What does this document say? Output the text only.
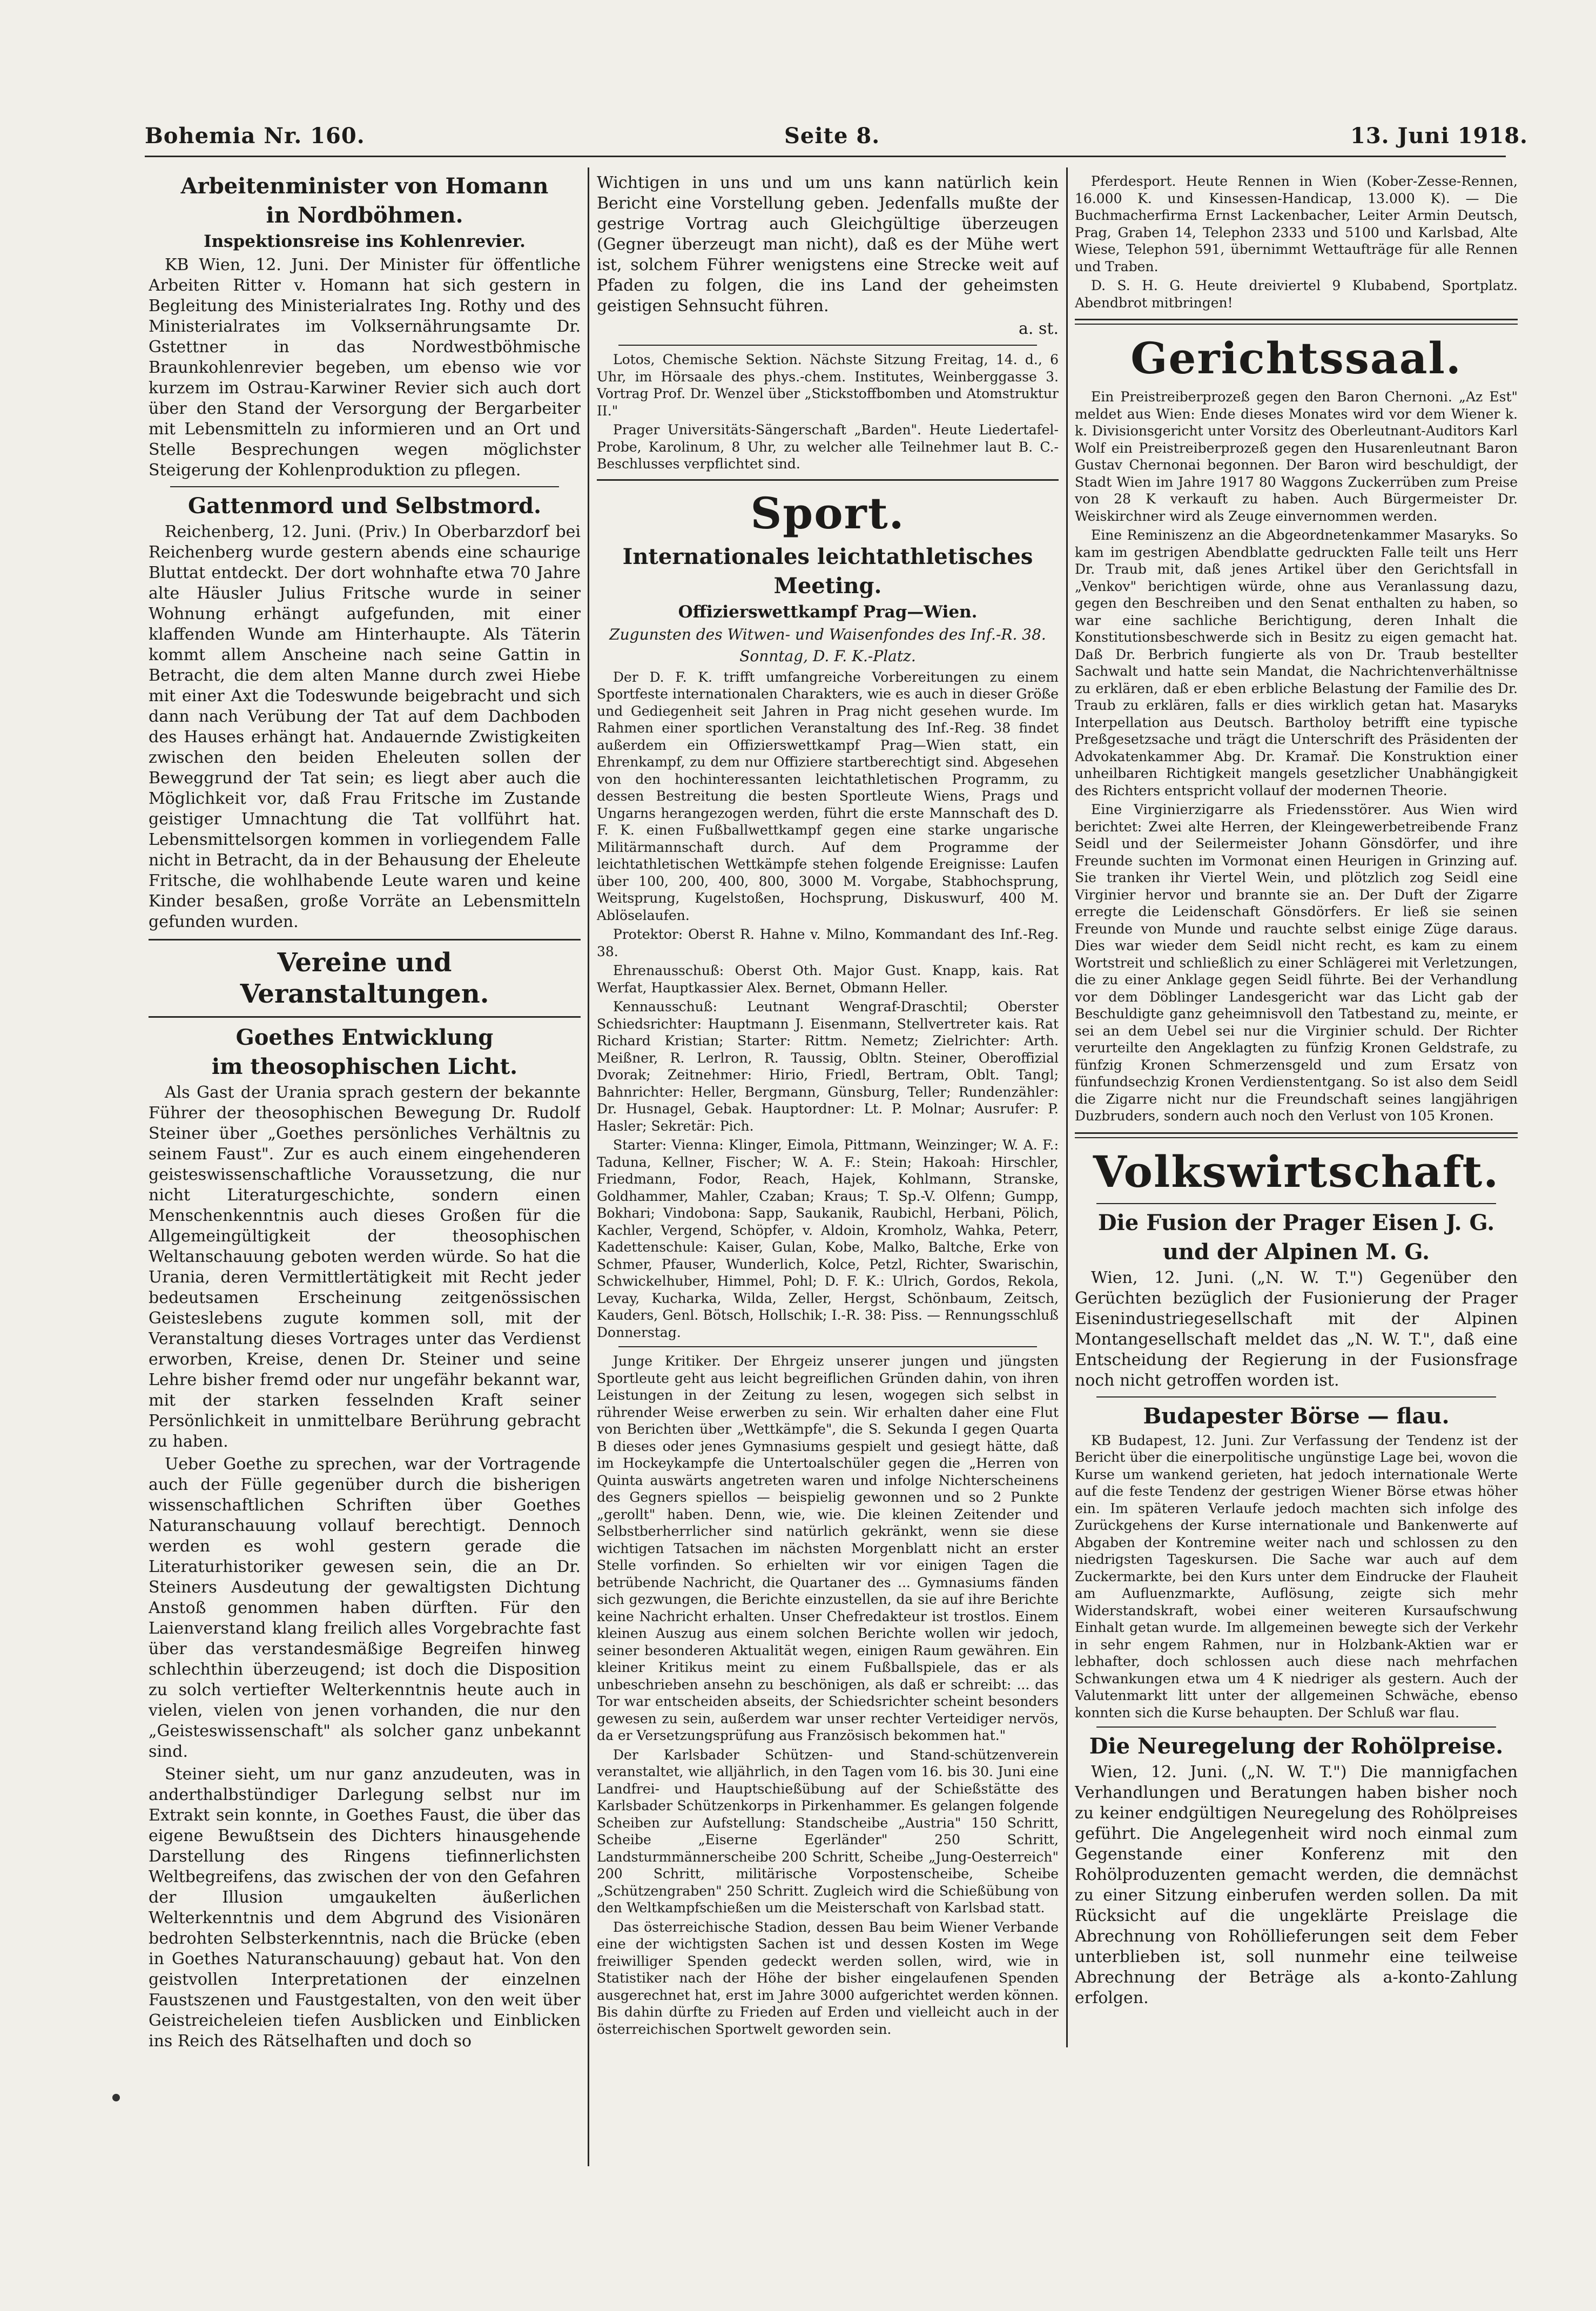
Bohemia Nr. 160.	Seite 8.	13. Juni 1918.
Arbeitenminister von Homann
in Nordböhmen.
Inspektionsreise ins Kohlenrevier.

KB Wien, 12. Juni. Der Minister für öffentliche Arbeiten Ritter v. Homann hat sich gestern in Begleitung des Ministerialrates Ing. Rothy und des Ministerialrates im Volksernährungsamte Dr. Gstettner in das Nordwestböhmische Braunkohlenrevier begeben, um ebenso wie vor kurzem im Ostrau-Karwiner Revier sich auch dort über den Stand der Versorgung der Bergarbeiter mit Lebensmitteln zu informieren und an Ort und Stelle Besprechungen wegen möglichster Steigerung der Kohlenproduktion zu pflegen.

Gattenmord und Selbstmord.

Reichenberg, 12. Juni. (Priv.) In Oberbarzdorf bei Reichenberg wurde gestern abends eine schaurige Bluttat entdeckt. Der dort wohnhafte etwa 70 Jahre alte Häusler Julius Fritsche wurde in seiner Wohnung erhängt aufgefunden, mit einer klaffenden Wunde am Hinterhaupte. Als Täterin kommt allem Anscheine nach seine Gattin in Betracht, die dem alten Manne durch zwei Hiebe mit einer Axt die Todeswunde beigebracht und sich dann nach Verübung der Tat auf dem Dachboden des Hauses erhängt hat. Andauernde Zwistigkeiten zwischen den beiden Eheleuten sollen der Beweggrund der Tat sein; es liegt aber auch die Möglichkeit vor, daß Frau Fritsche im Zustande geistiger Umnachtung die Tat vollführt hat. Lebensmittelsorgen kommen in vorliegendem Falle nicht in Betracht, da in der Behausung der Eheleute Fritsche, die wohlhabende Leute waren und keine Kinder besaßen, große Vorräte an Lebensmitteln gefunden wurden.

Vereine und Veranstaltungen.
Goethes Entwicklung
im theosophischen Licht.

Als Gast der Urania sprach gestern der bekannte Führer der theosophischen Bewegung Dr. Rudolf Steiner über „Goethes persönliches Verhältnis zu seinem Faust". Zur es auch einem eingehenderen geisteswissenschaftliche Voraussetzung, die nur nicht Literaturgeschichte, sondern einen Menschenkenntnis auch dieses Großen für die Allgemeingültigkeit der theosophischen Weltanschauung geboten werden würde. So hat die Urania, deren Vermittlertätigkeit mit Recht jeder bedeutsamen Erscheinung zeitgenössischen Geisteslebens zugute kommen soll, mit der Veranstaltung dieses Vortrages unter das Verdienst erworben, Kreise, denen Dr. Steiner und seine Lehre bisher fremd oder nur ungefähr bekannt war, mit der starken fesselnden Kraft seiner Persönlichkeit in unmittelbare Berührung gebracht zu haben.

Ueber Goethe zu sprechen, war der Vortragende auch der Fülle gegenüber durch die bisherigen wissenschaftlichen Schriften über Goethes Naturanschauung vollauf berechtigt. Dennoch werden es wohl gestern gerade die Literaturhistoriker gewesen sein, die an Dr. Steiners Ausdeutung der gewaltigsten Dichtung Anstoß genommen haben dürften. Für den Laienverstand klang freilich alles Vorgebrachte fast über das verstandesmäßige Begreifen hinweg schlechthin überzeugend; ist doch die Disposition zu solch vertiefter Welterkenntnis heute auch in vielen, vielen von jenen vorhanden, die nur den „Geisteswissenschaft" als solcher ganz unbekannt sind.

Steiner sieht, um nur ganz anzudeuten, was in anderthalbstündiger Darlegung selbst nur im Extrakt sein konnte, in Goethes Faust, die über das eigene Bewußtsein des Dichters hinausgehende Darstellung des Ringens tiefinnerlichsten Weltbegreifens, das zwischen der von den Gefahren der Illusion umgaukelten äußerlichen Welterkenntnis und dem Abgrund des Visionären bedrohten Selbsterkenntnis, nach die Brücke (eben in Goethes Naturanschauung) gebaut hat. Von den geistvollen Interpretationen der einzelnen Faustszenen und Faustgestalten, von den weit über Geistreicheleien tiefen Ausblicken und Einblicken ins Reich des Rätselhaften und doch so

Wichtigen in uns und um uns kann natürlich kein Bericht eine Vorstellung geben. Jedenfalls mußte der gestrige Vortrag auch Gleichgültige überzeugen (Gegner überzeugt man nicht), daß es der Mühe wert ist, solchem Führer wenigstens eine Strecke weit auf Pfaden zu folgen, die ins Land der geheimsten geistigen Sehnsucht führen.

a. st.

Lotos, Chemische Sektion. Nächste Sitzung Freitag, 14. d., 6 Uhr, im Hörsaale des phys.-chem. Institutes, Weinberggasse 3. Vortrag Prof. Dr. Wenzel über „Stickstoffbomben und Atomstruktur II."

Prager Universitäts-Sängerschaft „Barden". Heute Liedertafel-Probe, Karolinum, 8 Uhr, zu welcher alle Teilnehmer laut B. C.-Beschlusses verpflichtet sind.

Sport.
Internationales leichtathletisches
Meeting.
Offizierswettkampf Prag—Wien.
Zugunsten des Witwen- und Waisenfondes des Inf.-R. 38.
Sonntag, D. F. K.-Platz.

Der D. F. K. trifft umfangreiche Vorbereitungen zu einem Sportfeste internationalen Charakters, wie es auch in dieser Größe und Gediegenheit seit Jahren in Prag nicht gesehen wurde. Im Rahmen einer sportlichen Veranstaltung des Inf.-Reg. 38 findet außerdem ein Offizierswettkampf Prag—Wien statt, ein Ehrenkampf, zu dem nur Offiziere startberechtigt sind. Abgesehen von den hochinteressanten leichtathletischen Programm, zu dessen Bestreitung die besten Sportleute Wiens, Prags und Ungarns herangezogen werden, führt die erste Mannschaft des D. F. K. einen Fußballwettkampf gegen eine starke ungarische Militärmannschaft durch. Auf dem Programme der leichtathletischen Wettkämpfe stehen folgende Ereignisse: Laufen über 100, 200, 400, 800, 3000 M. Vorgabe, Stabhochsprung, Weitsprung, Kugelstoßen, Hochsprung, Diskuswurf, 400 M. Ablöselaufen.

Protektor: Oberst R. Hahne v. Milno, Kommandant des Inf.-Reg. 38.

Ehrenausschuß: Oberst Oth. Major Gust. Knapp, kais. Rat Werfat, Hauptkassier Alex. Bernet, Obmann Heller.

Kennausschuß: Leutnant Wengraf-Draschtil; Oberster Schiedsrichter: Hauptmann J. Eisenmann, Stellvertreter kais. Rat Richard Kristian; Starter: Rittm. Nemetz; Zielrichter: Arth. Meißner, R. Lerlron, R. Taussig, Obltn. Steiner, Oberoffizial Dvorak; Zeitnehmer: Hirio, Friedl, Bertram, Oblt. Tangl; Bahnrichter: Heller, Bergmann, Günsburg, Teller; Rundenzähler: Dr. Husnagel, Gebak. Hauptordner: Lt. P. Molnar; Ausrufer: P. Hasler; Sekretär: Pich.

Starter: Vienna: Klinger, Eimola, Pittmann, Weinzinger; W. A. F.: Taduna, Kellner, Fischer; W. A. F.: Stein; Hakoah: Hirschler, Friedmann, Fodor, Reach, Hajek, Kohlmann, Stranske, Goldhammer, Mahler, Czaban; Kraus; T. Sp.-V. Olfenn; Gumpp, Bokhari; Vindobona: Sapp, Saukanik, Raubichl, Herbani, Pölich, Kachler, Vergend, Schöpfer, v. Aldoin, Kromholz, Wahka, Peterr, Kadettenschule: Kaiser, Gulan, Kobe, Malko, Baltche, Erke von Schmer, Pfauser, Wunderlich, Kolce, Petzl, Richter, Swarischin, Schwickelhuber, Himmel, Pohl; D. F. K.: Ulrich, Gordos, Rekola, Levay, Kucharka, Wilda, Zeller, Hergst, Schönbaum, Zeitsch, Kauders, Genl. Bötsch, Hollschik; I.-R. 38: Piss. — Rennungsschluß Donnerstag.

Junge Kritiker. Der Ehrgeiz unserer jungen und jüngsten Sportleute geht aus leicht begreiflichen Gründen dahin, von ihren Leistungen in der Zeitung zu lesen, wogegen sich selbst in rührender Weise erwerben zu sein. Wir erhalten daher eine Flut von Berichten über „Wettkämpfe", die S. Sekunda I gegen Quarta B dieses oder jenes Gymnasiums gespielt und gesiegt hätte, daß im Hockeykampfe die Untertoalschüler gegen die „Herren von Quinta auswärts angetreten waren und infolge Nichterscheinens des Gegners spiellos — beispielig gewonnen und so 2 Punkte „gerollt" haben. Denn, wie, wie. Die kleinen Zeitender und Selbstberherrlicher sind natürlich gekränkt, wenn sie diese wichtigen Tatsachen im nächsten Morgenblatt nicht an erster Stelle vorfinden. So erhielten wir vor einigen Tagen die betrübende Nachricht, die Quartaner des ... Gymnasiums fänden sich gezwungen, die Berichte einzustellen, da sie auf ihre Berichte keine Nachricht erhalten. Unser Chefredakteur ist trostlos. Einem kleinen Auszug aus einem solchen Berichte wollen wir jedoch, seiner besonderen Aktualität wegen, einigen Raum gewähren. Ein kleiner Kritikus meint zu einem Fußballspiele, das er als unbeschrieben ansehn zu beschönigen, als daß er schreibt: ... das Tor war entscheiden abseits, der Schiedsrichter scheint besonders gewesen zu sein, außerdem war unser rechter Verteidiger nervös, da er Versetzungsprüfung aus Französisch bekommen hat."

Der Karlsbader Schützen- und Stand-schützenverein veranstaltet, wie alljährlich, in den Tagen vom 16. bis 30. Juni eine Landfrei- und Hauptschießübung auf der Schießstätte des Karlsbader Schützenkorps in Pirkenhammer. Es gelangen folgende Scheiben zur Aufstellung: Standscheibe „Austria" 150 Schritt, Scheibe „Eiserne Egerländer" 250 Schritt, Landsturmmännerscheibe 200 Schritt, Scheibe „Jung-Oesterreich" 200 Schritt, militärische Vorpostenscheibe, Scheibe „Schützengraben" 250 Schritt. Zugleich wird die Schießübung von den Weltkampfschießen um die Meisterschaft von Karlsbad statt.

Das österreichische Stadion, dessen Bau beim Wiener Verbande eine der wichtigsten Sachen ist und dessen Kosten im Wege freiwilliger Spenden gedeckt werden sollen, wird, wie in Statistiker nach der Höhe der bisher eingelaufenen Spenden ausgerechnet hat, erst im Jahre 3000 aufgerichtet werden können. Bis dahin dürfte zu Frieden auf Erden und vielleicht auch in der österreichischen Sportwelt geworden sein.

Pferdesport. Heute Rennen in Wien (Kober-Zesse-Rennen, 16.000 K. und Kinsessen-Handicap, 13.000 K). — Die Buchmacherfirma Ernst Lackenbacher, Leiter Armin Deutsch, Prag, Graben 14, Telephon 2333 und 5100 und Karlsbad, Alte Wiese, Telephon 591, übernimmt Wettaufträge für alle Rennen und Traben.

D. S. H. G. Heute dreiviertel 9 Klubabend, Sportplatz. Abendbrot mitbringen!

Gerichtssaal.

Ein Preistreiberprozeß gegen den Baron Chernoni. „Az Est" meldet aus Wien: Ende dieses Monates wird vor dem Wiener k. k. Divisionsgericht unter Vorsitz des Oberleutnant-Auditors Karl Wolf ein Preistreiberprozeß gegen den Husarenleutnant Baron Gustav Chernonai begonnen. Der Baron wird beschuldigt, der Stadt Wien im Jahre 1917 80 Waggons Zuckerrüben zum Preise von 28 K verkauft zu haben. Auch Bürgermeister Dr. Weiskirchner wird als Zeuge einvernommen werden.

Eine Reminiszenz an die Abgeordnetenkammer Masaryks. So kam im gestrigen Abendblatte gedruckten Falle teilt uns Herr Dr. Traub mit, daß jenes Artikel über den Gerichtsfall in „Venkov" berichtigen würde, ohne aus Veranlassung dazu, gegen den Beschreiben und den Senat enthalten zu haben, so war eine sachliche Berichtigung, deren Inhalt die Konstitutionsbeschwerde sich in Besitz zu eigen gemacht hat. Daß Dr. Berbrich fungierte als von Dr. Traub bestellter Sachwalt und hatte sein Mandat, die Nachrichtenverhältnisse zu erklären, daß er eben erbliche Belastung der Familie des Dr. Traub zu erklären, falls er dies wirklich getan hat. Masaryks Interpellation aus Deutsch. Bartholoy betrifft eine typische Preßgesetzsache und trägt die Unterschrift des Präsidenten der Advokatenkammer Abg. Dr. Kramař. Die Konstruktion einer unheilbaren Richtigkeit mangels gesetzlicher Unabhängigkeit des Richters entspricht vollauf der modernen Theorie.

Eine Virginierzigarre als Friedensstörer. Aus Wien wird berichtet: Zwei alte Herren, der Kleingewerbetreibende Franz Seidl und der Seilermeister Johann Gönsdörfer, und ihre Freunde suchten im Vormonat einen Heurigen in Grinzing auf. Sie tranken ihr Viertel Wein, und plötzlich zog Seidl eine Virginier hervor und brannte sie an. Der Duft der Zigarre erregte die Leidenschaft Gönsdörfers. Er ließ sie seinen Freunde von Munde und rauchte selbst einige Züge daraus. Dies war wieder dem Seidl nicht recht, es kam zu einem Wortstreit und schließlich zu einer Schlägerei mit Verletzungen, die zu einer Anklage gegen Seidl führte. Bei der Verhandlung vor dem Döblinger Landesgericht war das Licht gab der Beschuldigte ganz geheimnisvoll den Tatbestand zu, meinte, er sei an dem Uebel sei nur die Virginier schuld. Der Richter verurteilte den Angeklagten zu fünfzig Kronen Geldstrafe, zu fünfzig Kronen Schmerzensgeld und zum Ersatz von fünfundsechzig Kronen Verdienstentgang. So ist also dem Seidl die Zigarre nicht nur die Freundschaft seines langjährigen Duzbruders, sondern auch noch den Verlust von 105 Kronen.

Volkswirtschaft.
Die Fusion der Prager Eisen J. G.
und der Alpinen M. G.

Wien, 12. Juni. („N. W. T.") Gegenüber den Gerüchten bezüglich der Fusionierung der Prager Eisenindustriegesellschaft mit der Alpinen Montangesellschaft meldet das „N. W. T.", daß eine Entscheidung der Regierung in der Fusionsfrage noch nicht getroffen worden ist.

Budapester Börse — flau.

KB Budapest, 12. Juni. Zur Verfassung der Tendenz ist der Bericht über die einerpolitische ungünstige Lage bei, wovon die Kurse um wankend gerieten, hat jedoch internationale Werte auf die feste Tendenz der gestrigen Wiener Börse etwas höher ein. Im späteren Verlaufe jedoch machten sich infolge des Zurückgehens der Kurse internationale und Bankenwerte auf Abgaben der Kontremine weiter nach und schlossen zu den niedrigsten Tageskursen. Die Sache war auch auf dem Zuckermarkte, bei den Kurs unter dem Eindrucke der Flauheit am Aufluenzmarkte, Auflösung, zeigte sich mehr Widerstandskraft, wobei einer weiteren Kursaufschwung Einhalt getan wurde. Im allgemeinen bewegte sich der Verkehr in sehr engem Rahmen, nur in Holzbank-Aktien war er lebhafter, doch schlossen auch diese nach mehrfachen Schwankungen etwa um 4 K niedriger als gestern. Auch der Valutenmarkt litt unter der allgemeinen Schwäche, ebenso konnten sich die Kurse behaupten. Der Schluß war flau.

Die Neuregelung der Rohölpreise.

Wien, 12. Juni. („N. W. T.") Die mannigfachen Verhandlungen und Beratungen haben bisher noch zu keiner endgültigen Neuregelung des Rohölpreises geführt. Die Angelegenheit wird noch einmal zum Gegenstande einer Konferenz mit den Rohölproduzenten gemacht werden, die demnächst zu einer Sitzung einberufen werden sollen. Da mit Rücksicht auf die ungeklärte Preislage die Abrechnung von Rohöllieferungen seit dem Feber unterblieben ist, soll nunmehr eine teilweise Abrechnung der Beträge als a-konto-Zahlung erfolgen.
